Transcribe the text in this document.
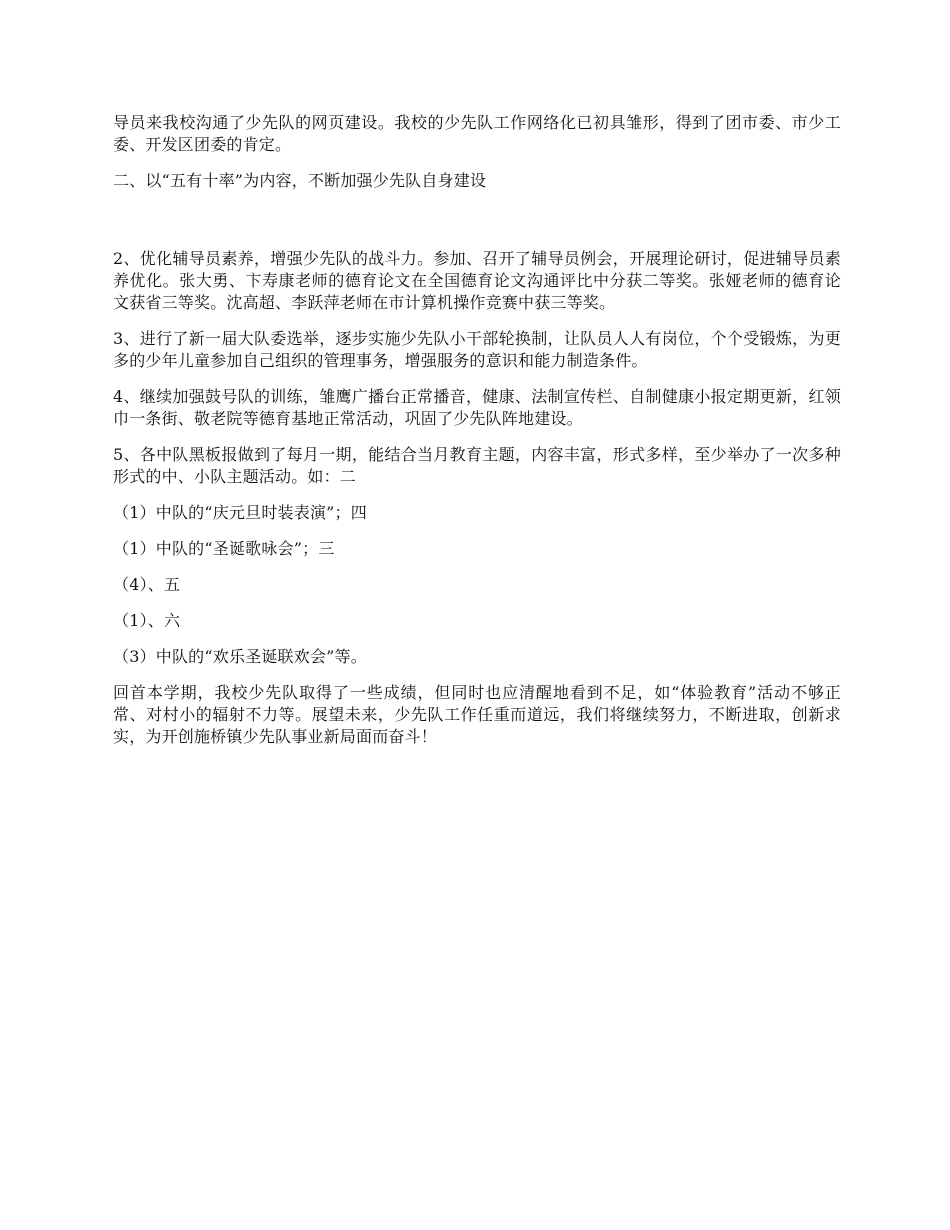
导员来我校沟通了少先队的网页建设。我校的少先队工作网络化已初具雏形，得到了团市委、市少工委、开发区团委的肯定。

二、以“五有十率”为内容，不断加强少先队自身建设

2、优化辅导员素养，增强少先队的战斗力。参加、召开了辅导员例会，开展理论研讨，促进辅导员素养优化。张大勇、卞寿康老师的德育论文在全国德育论文沟通评比中分获二等奖。张娅老师的德育论文获省三等奖。沈高超、李跃萍老师在市计算机操作竞赛中获三等奖。

3、进行了新一届大队委选举，逐步实施少先队小干部轮换制，让队员人人有岗位，个个受锻炼，为更多的少年儿童参加自己组织的管理事务，增强服务的意识和能力制造条件。

4、继续加强鼓号队的训练，雏鹰广播台正常播音，健康、法制宣传栏、自制健康小报定期更新，红领巾一条街、敬老院等德育基地正常活动，巩固了少先队阵地建设。

5、各中队黑板报做到了每月一期，能结合当月教育主题，内容丰富，形式多样，至少举办了一次多种形式的中、小队主题活动。如：二

（1）中队的“庆元旦时装表演”；四

（1）中队的“圣诞歌咏会”；三

（4）、五

（1）、六

（3）中队的“欢乐圣诞联欢会”等。

回首本学期，我校少先队取得了一些成绩，但同时也应清醒地看到不足，如“体验教育”活动不够正常、对村小的辐射不力等。展望未来，少先队工作任重而道远，我们将继续努力，不断进取，创新求实，为开创施桥镇少先队事业新局面而奋斗！
